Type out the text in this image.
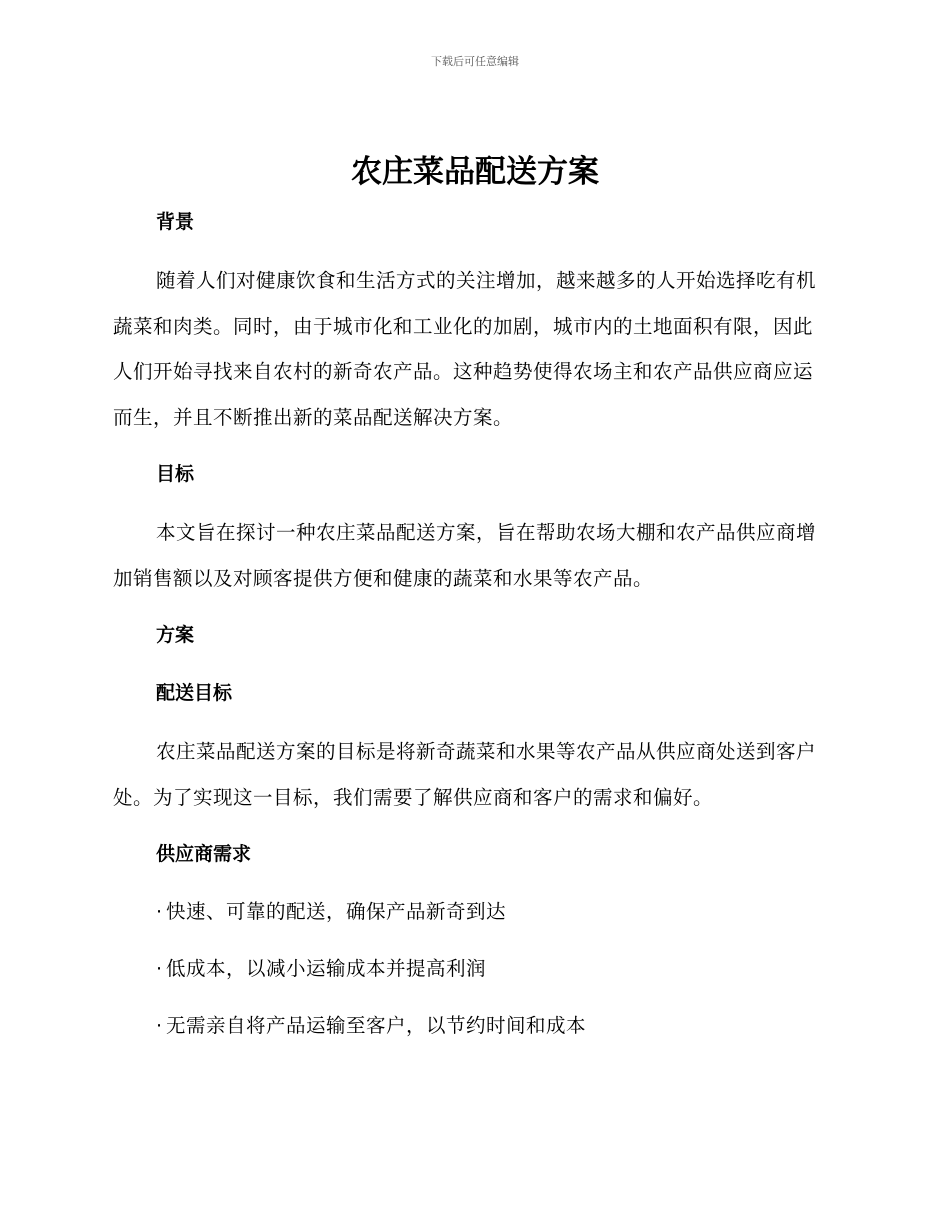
下载后可任意编辑
农庄菜品配送方案
背景

随着人们对健康饮食和生活方式的关注增加，越来越多的人开始选择吃有机蔬菜和肉类。同时，由于城市化和工业化的加剧，城市内的土地面积有限，因此人们开始寻找来自农村的新奇农产品。这种趋势使得农场主和农产品供应商应运而生，并且不断推出新的菜品配送解决方案。

目标

本文旨在探讨一种农庄菜品配送方案，旨在帮助农场大棚和农产品供应商增加销售额以及对顾客提供方便和健康的蔬菜和水果等农产品。

方案
配送目标

农庄菜品配送方案的目标是将新奇蔬菜和水果等农产品从供应商处送到客户处。为了实现这一目标，我们需要了解供应商和客户的需求和偏好。

供应商需求
· 快速、可靠的配送，确保产品新奇到达
· 低成本，以减小运输成本并提高利润
· 无需亲自将产品运输至客户，以节约时间和成本
